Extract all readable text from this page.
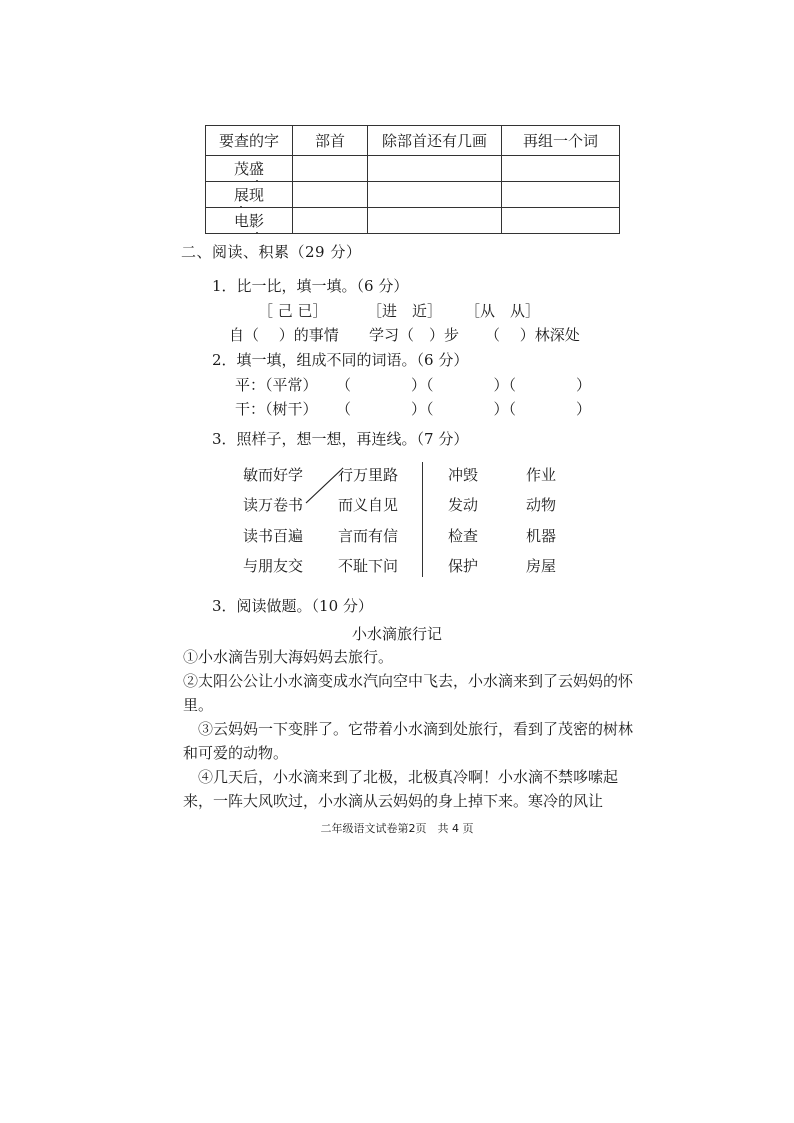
要查的字	部首	除部首还有几画	再组一个词
茂盛			
展现			
电影			
二、阅读、积累（29 分）
1．比一比，填一填。（6 分）
［ 己 已］	［进　近］ ［从　从］
自（　 ）的事情 学习（　）步 （　 ）林深处
2．填一填，组成不同的词语。（6 分）
平：（平常） （　　　　）（　　　　）（　　　　）
干：（树干） （　　　　）（　　　　）（　　　　）
3．照样子，想一想，再连线。（7 分）
敏而好学
读万卷书
读书百遍
与朋友交
行万里路
而义自见
言而有信
不耻下问
冲毁
发动
检查
保护
作业
动物
机器
房屋
3．阅读做题。（10 分）
小水滴旅行记

①小水滴告别大海妈妈去旅行。

②太阳公公让小水滴变成水汽向空中飞去，小水滴来到了云妈妈的怀里。

③云妈妈一下变胖了。它带着小水滴到处旅行，看到了茂密的树林和可爱的动物。

④几天后，小水滴来到了北极，北极真冷啊！小水滴不禁哆嗦起来，一阵大风吹过，小水滴从云妈妈的身上掉下来。寒冷的风让

二年级语文试卷第2页　共 4 页
